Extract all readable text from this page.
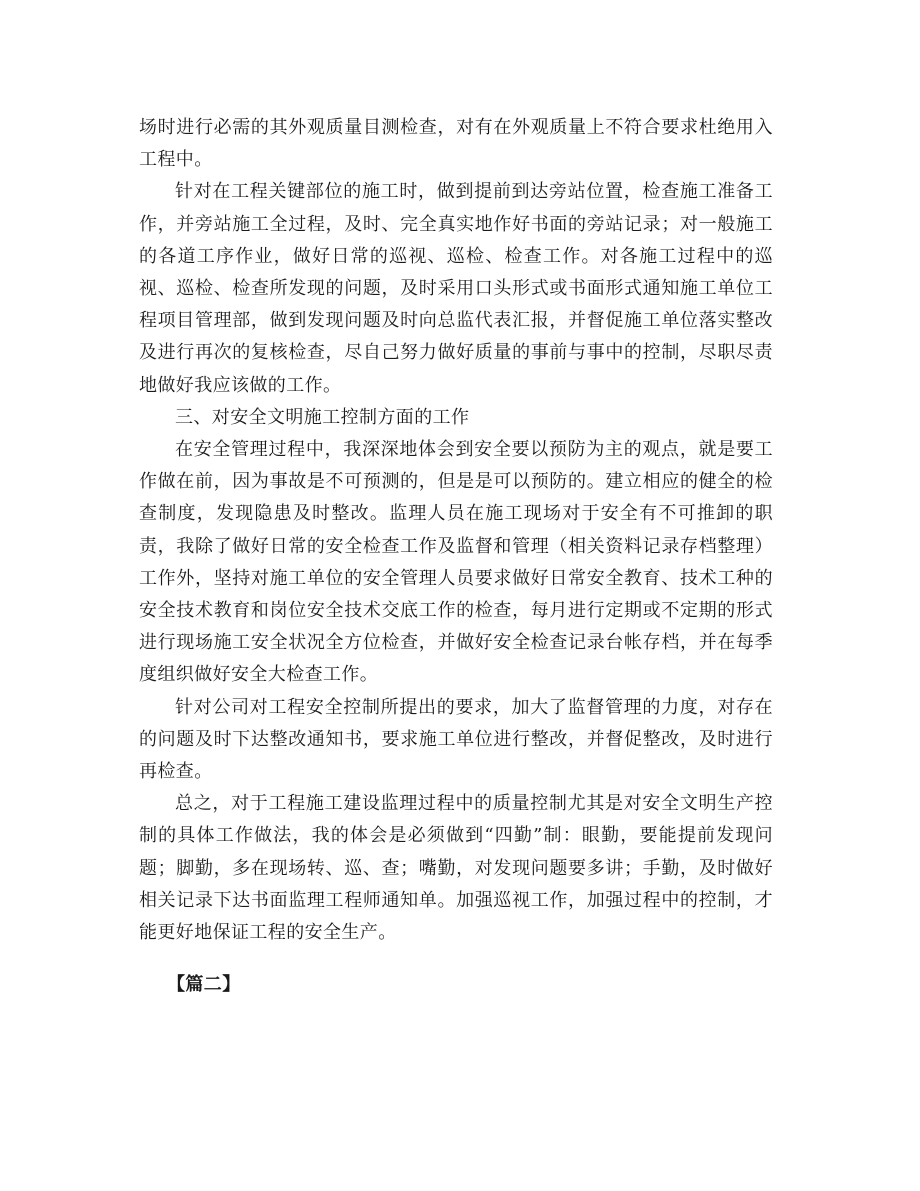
场时进行必需的其外观质量目测检查，对有在外观质量上不符合要求杜绝用入工程中。

针对在工程关键部位的施工时，做到提前到达旁站位置，检查施工准备工作，并旁站施工全过程，及时、完全真实地作好书面的旁站记录；对一般施工的各道工序作业，做好日常的巡视、巡检、检查工作。对各施工过程中的巡视、巡检、检查所发现的问题，及时采用口头形式或书面形式通知施工单位工程项目管理部，做到发现问题及时向总监代表汇报，并督促施工单位落实整改及进行再次的复核检查，尽自己努力做好质量的事前与事中的控制，尽职尽责地做好我应该做的工作。

三、对安全文明施工控制方面的工作

在安全管理过程中，我深深地体会到安全要以预防为主的观点，就是要工作做在前，因为事故是不可预测的，但是是可以预防的。建立相应的健全的检查制度，发现隐患及时整改。监理人员在施工现场对于安全有不可推卸的职责，我除了做好日常的安全检查工作及监督和管理（相关资料记录存档整理）工作外，坚持对施工单位的安全管理人员要求做好日常安全教育、技术工种的安全技术教育和岗位安全技术交底工作的检查，每月进行定期或不定期的形式进行现场施工安全状况全方位检查，并做好安全检查记录台帐存档，并在每季度组织做好安全大检查工作。

针对公司对工程安全控制所提出的要求，加大了监督管理的力度，对存在的问题及时下达整改通知书，要求施工单位进行整改，并督促整改，及时进行再检查。

总之，对于工程施工建设监理过程中的质量控制尤其是对安全文明生产控制的具体工作做法，我的体会是必须做到“四勤”制：眼勤，要能提前发现问题；脚勤，多在现场转、巡、查；嘴勤，对发现问题要多讲；手勤，及时做好相关记录下达书面监理工程师通知单。加强巡视工作，加强过程中的控制，才能更好地保证工程的安全生产。

【篇二】
